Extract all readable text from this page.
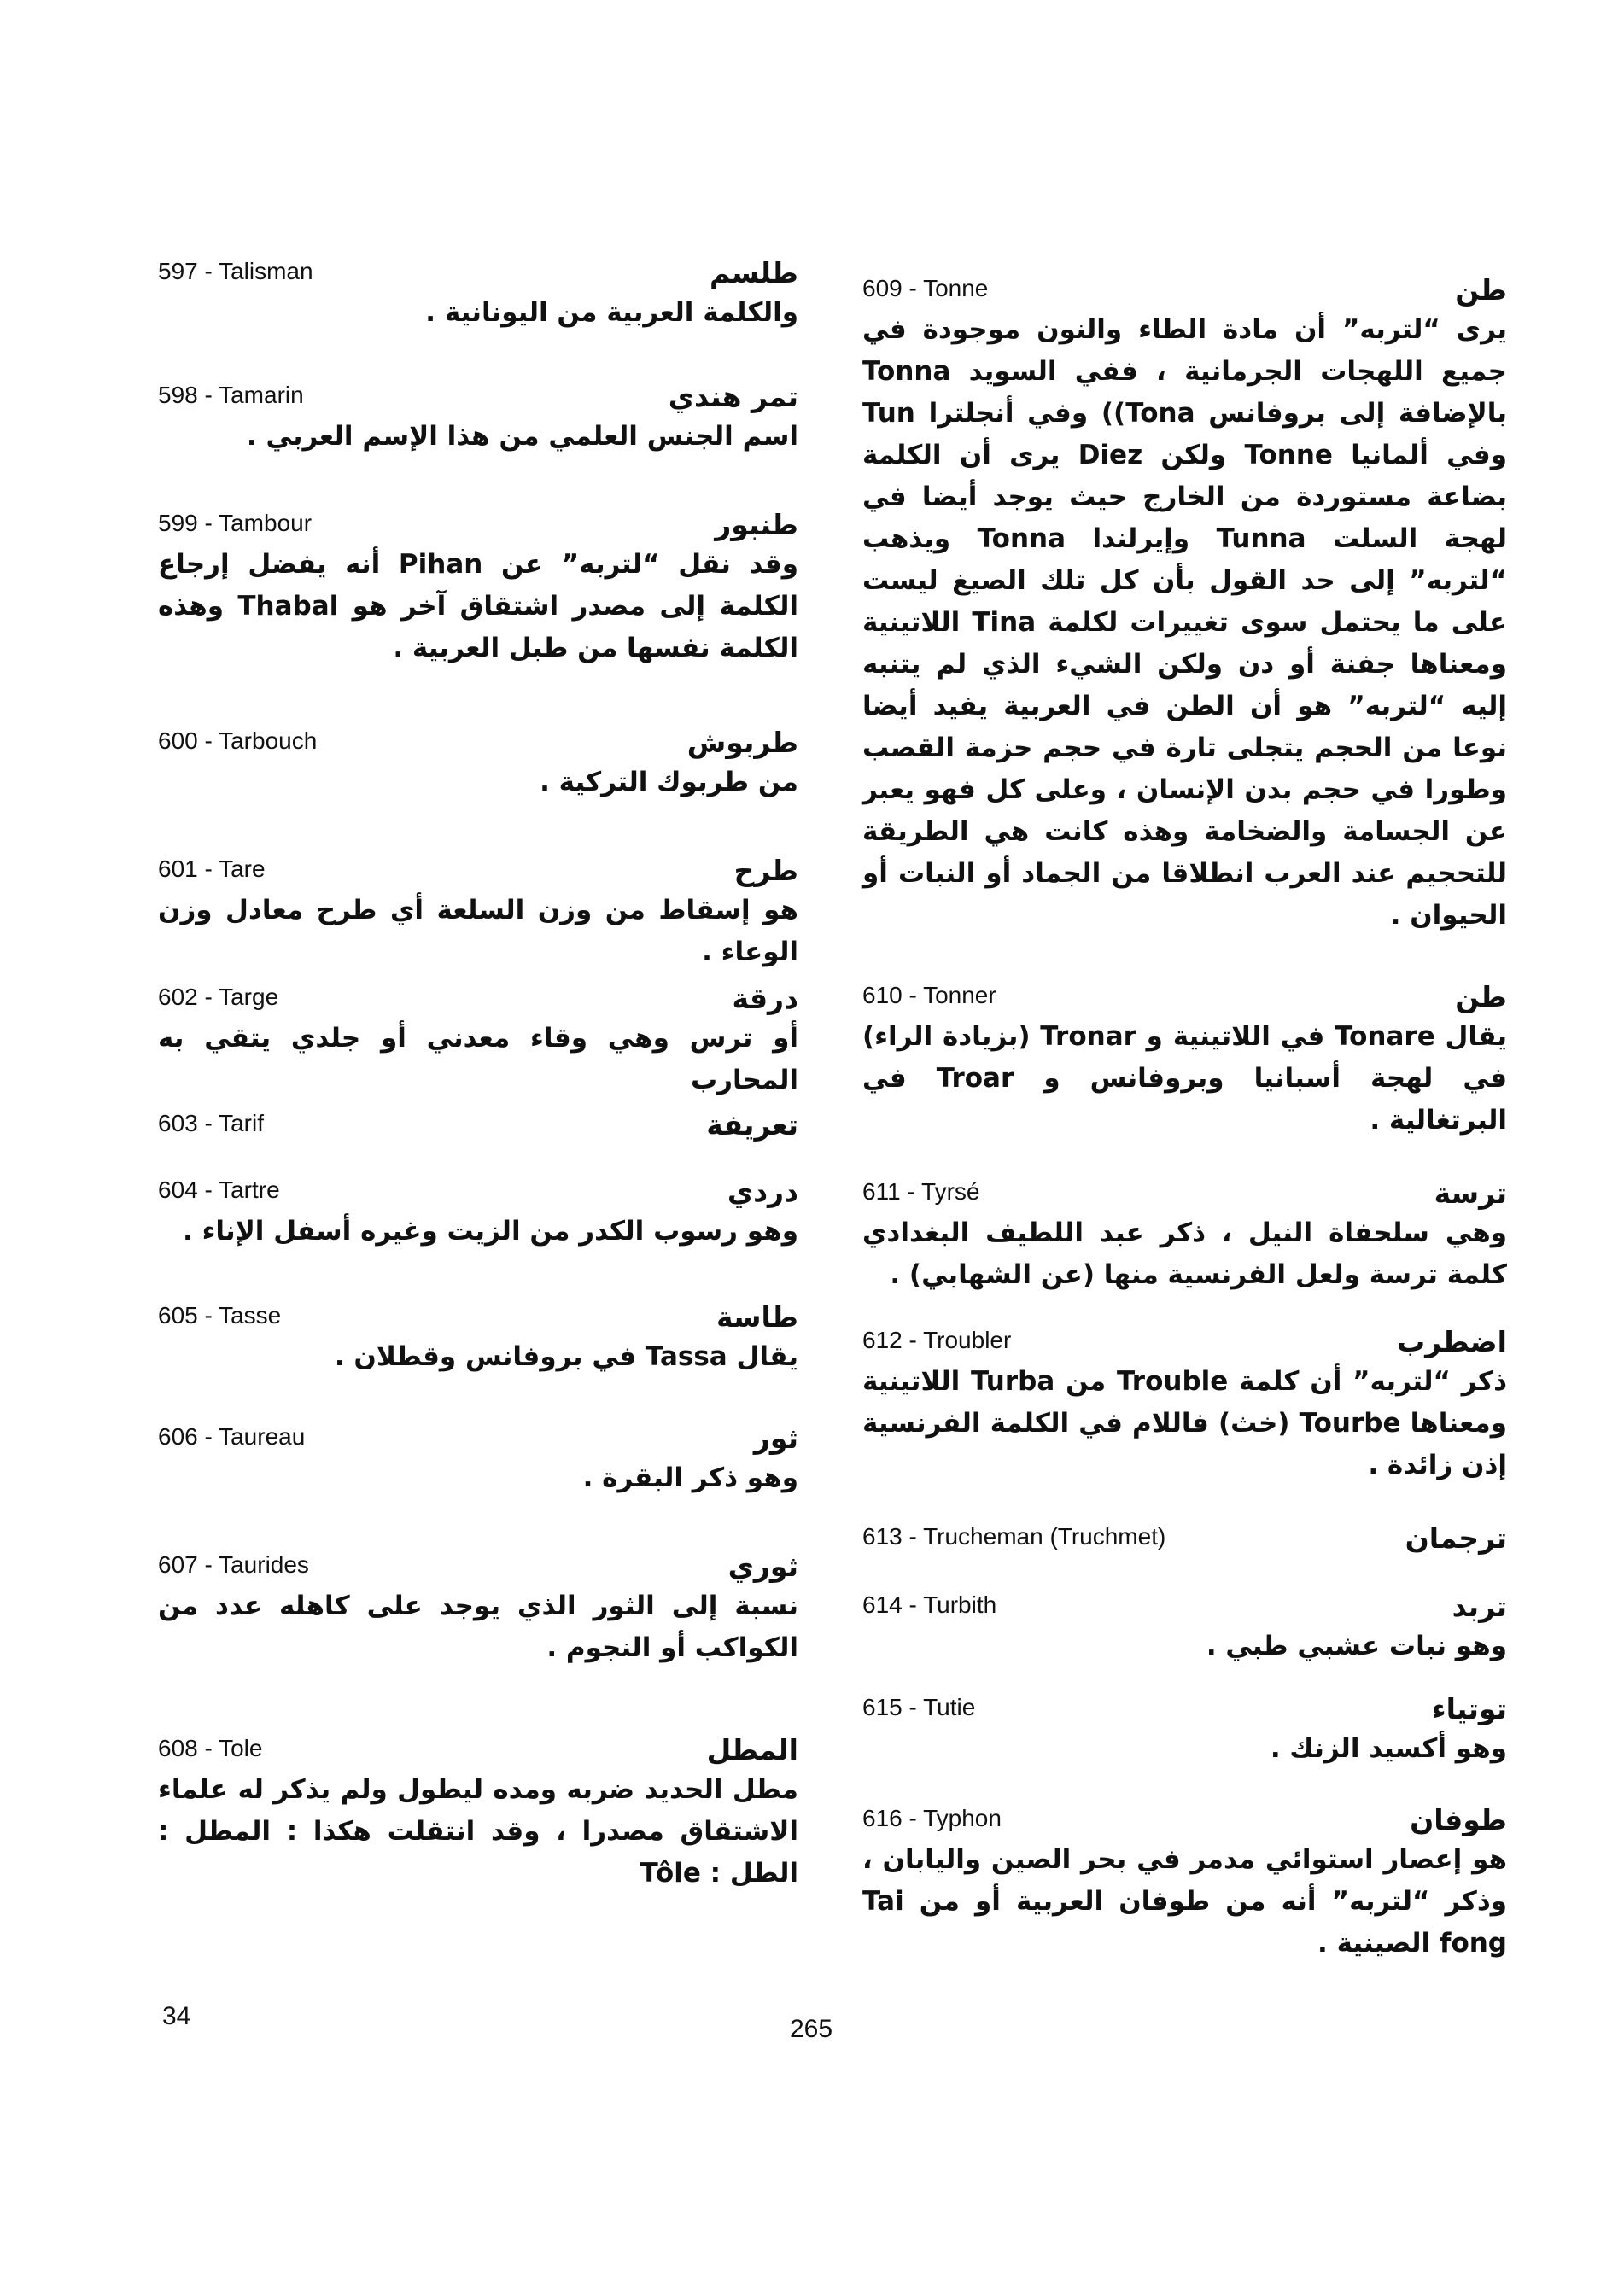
597 - Talisman	طلسم
والكلمة العربية من اليونانية .
598 - Tamarin	تمر هندي
اسم الجنس العلمي من هذا الإسم العربي .
599 - Tambour	طنبور
وقد نقل “لتربه” عن Pihan أنه يفضل إرجاع الكلمة إلى مصدر اشتقاق آخر هو Thabal وهذه الكلمة نفسها من طبل العربية .
600 - Tarbouch	طربوش
من طربوك التركية .
601 - Tare	طرح
هو إسقاط من وزن السلعة أي طرح معادل وزن الوعاء .
602 - Targe	درقة
أو ترس وهي وقاء معدني أو جلدي يتقي به المحارب
603 - Tarif	تعريفة
604 - Tartre	دردي
وهو رسوب الكدر من الزيت وغيره أسفل الإناء .
605 - Tasse	طاسة
يقال Tassa في بروفانس وقطلان .
606 - Taureau	ثور
وهو ذكر البقرة .
607 - Taurides	ثوري
نسبة إلى الثور الذي يوجد على كاهله عدد من الكواكب أو النجوم .
608 - Tole	المطل
مطل الحديد ضربه ومده ليطول ولم يذكر له علماء الاشتقاق مصدرا ، وقد انتقلت هكذا : المطل : الطل : Tôle
609 - Tonne	طن
يرى “لتربه” أن مادة الطاء والنون موجودة في جميع اللهجات الجرمانية ، ففي السويد Tonna بالإضافة إلى بروفانس Tona)) وفي أنجلترا Tun وفي ألمانيا Tonne ولكن Diez يرى أن الكلمة بضاعة مستوردة من الخارج حيث يوجد أيضا في لهجة السلت Tunna وإيرلندا Tonna ويذهب “لتربه” إلى حد القول بأن كل تلك الصيغ ليست على ما يحتمل سوى تغييرات لكلمة Tina اللاتينية ومعناها جفنة أو دن ولكن الشيء الذي لم يتنبه إليه “لتربه” هو أن الطن في العربية يفيد أيضا نوعا من الحجم يتجلى تارة في حجم حزمة القصب وطورا في حجم بدن الإنسان ، وعلى كل فهو يعبر عن الجسامة والضخامة وهذه كانت هي الطريقة للتحجيم عند العرب انطلاقا من الجماد أو النبات أو الحيوان .
610 - Tonner	طن
يقال Tonare في اللاتينية و Tronar (بزيادة الراء) في لهجة أسبانيا وبروفانس و Troar في البرتغالية .
611 - Tyrsé	ترسة
وهي سلحفاة النيل ، ذكر عبد اللطيف البغدادي كلمة ترسة ولعل الفرنسية منها (عن الشهابي) .
612 - Troubler	اضطرب
ذكر “لتربه” أن كلمة Trouble من Turba اللاتينية ومعناها Tourbe (خث) فاللام في الكلمة الفرنسية إذن زائدة .
613 - Trucheman (Truchmet)	ترجمان
614 - Turbith	تربد
وهو نبات عشبي طبي .
615 - Tutie	توتياء
وهو أكسيد الزنك .
616 - Typhon	طوفان
هو إعصار استوائي مدمر في بحر الصين واليابان ، وذكر “لتربه” أنه من طوفان العربية أو من Tai fong الصينية .
34	265
